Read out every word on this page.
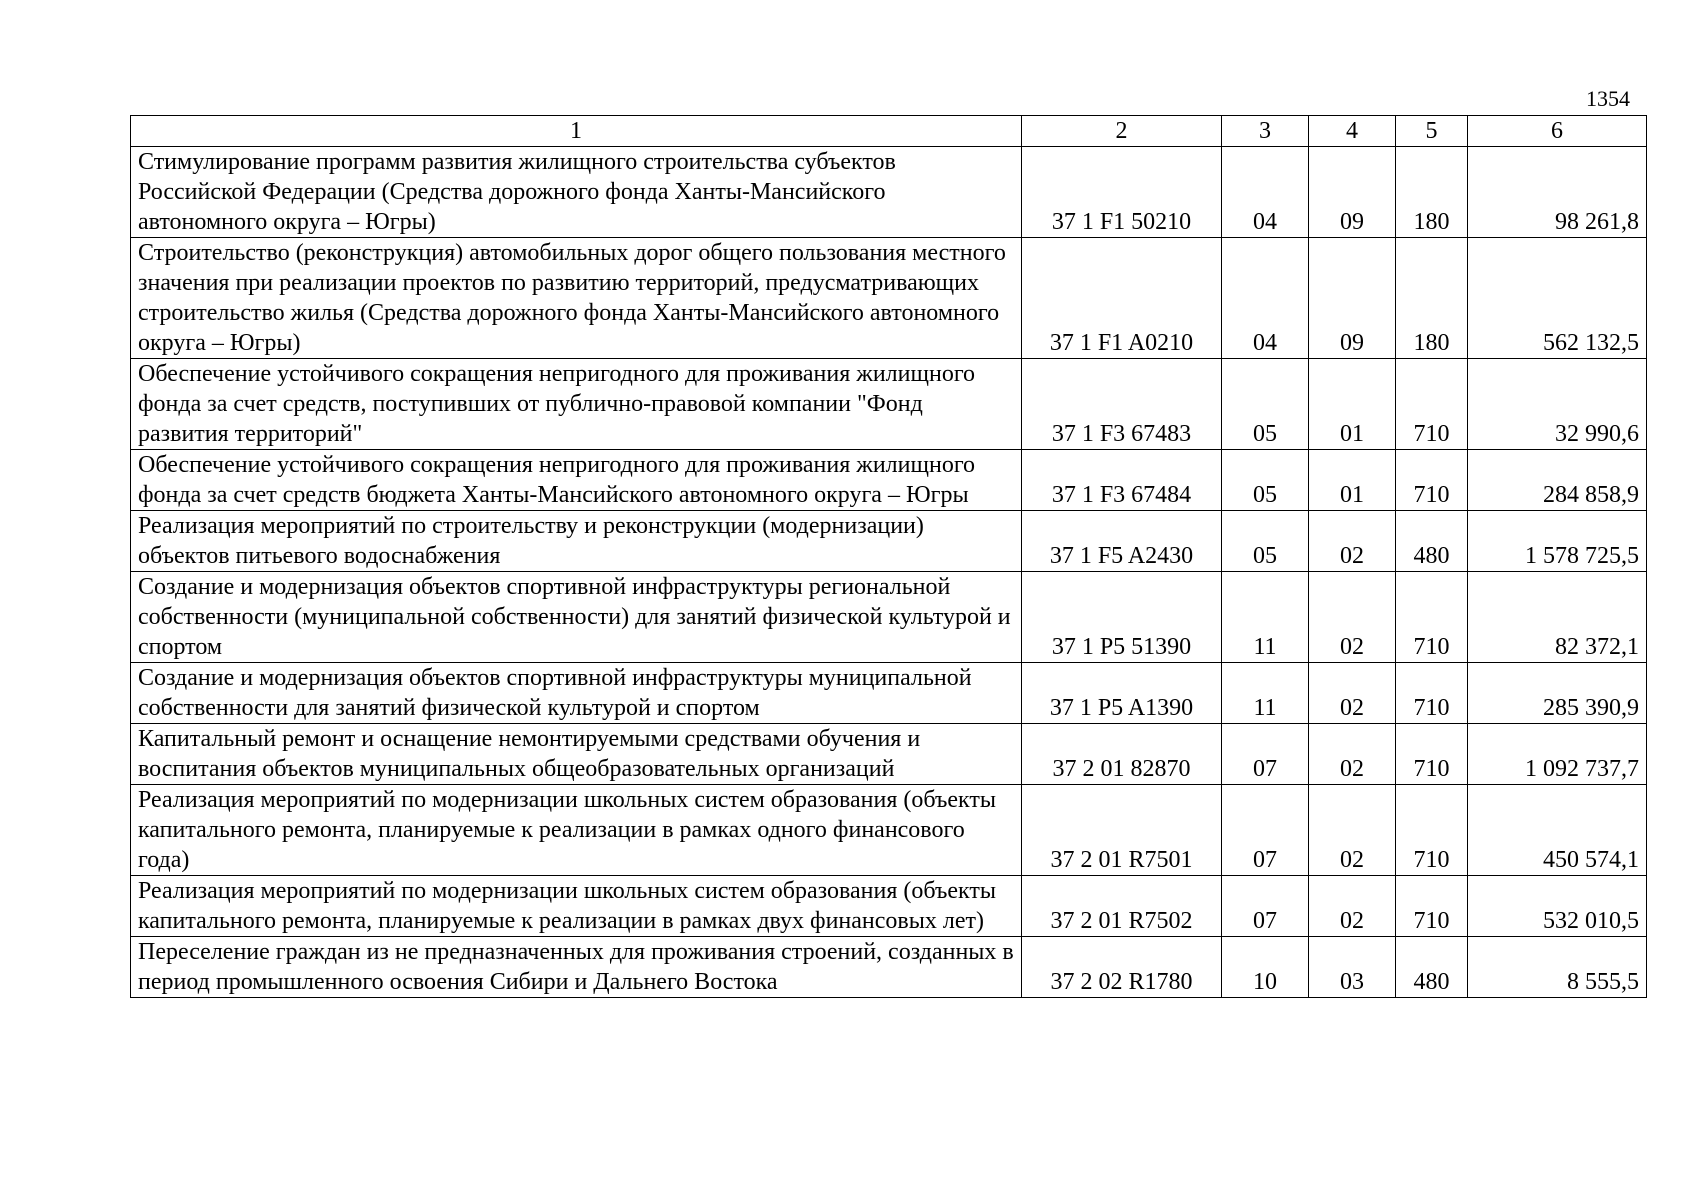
1354
1	2	3	4	5	6
Стимулирование программ развития жилищного строительства субъектов Российской Федерации (Средства дорожного фонда Ханты-Мансийского автономного округа – Югры)	37 1 F1 50210	04	09	180	98 261,8
Строительство (реконструкция) автомобильных дорог общего пользования местного значения при реализации проектов по развитию территорий, предусматривающих строительство жилья (Средства дорожного фонда Ханты-Мансийского автономного округа – Югры)	37 1 F1 A0210	04	09	180	562 132,5
Обеспечение устойчивого сокращения непригодного для проживания жилищного фонда за счет средств, поступивших от публично-правовой компании "Фонд развития территорий"	37 1 F3 67483	05	01	710	32 990,6
Обеспечение устойчивого сокращения непригодного для проживания жилищного фонда за счет средств бюджета Ханты-Мансийского автономного округа – Югры	37 1 F3 67484	05	01	710	284 858,9
Реализация мероприятий по строительству и реконструкции (модернизации) объектов питьевого водоснабжения	37 1 F5 A2430	05	02	480	1 578 725,5
Создание и модернизация объектов спортивной инфраструктуры региональной собственности (муниципальной собственности) для занятий физической культурой и спортом	37 1 P5 51390	11	02	710	82 372,1
Создание и модернизация объектов спортивной инфраструктуры муниципальной собственности для занятий физической культурой и спортом	37 1 P5 A1390	11	02	710	285 390,9
Капитальный ремонт и оснащение немонтируемыми средствами обучения и воспитания объектов муниципальных общеобразовательных организаций	37 2 01 82870	07	02	710	1 092 737,7
Реализация мероприятий по модернизации школьных систем образования (объекты капитального ремонта, планируемые к реализации в рамках одного финансового года)	37 2 01 R7501	07	02	710	450 574,1
Реализация мероприятий по модернизации школьных систем образования (объекты капитального ремонта, планируемые к реализации в рамках двух финансовых лет)	37 2 01 R7502	07	02	710	532 010,5
Переселение граждан из не предназначенных для проживания строений, созданных в период промышленного освоения Сибири и Дальнего Востока	37 2 02 R1780	10	03	480	8 555,5
